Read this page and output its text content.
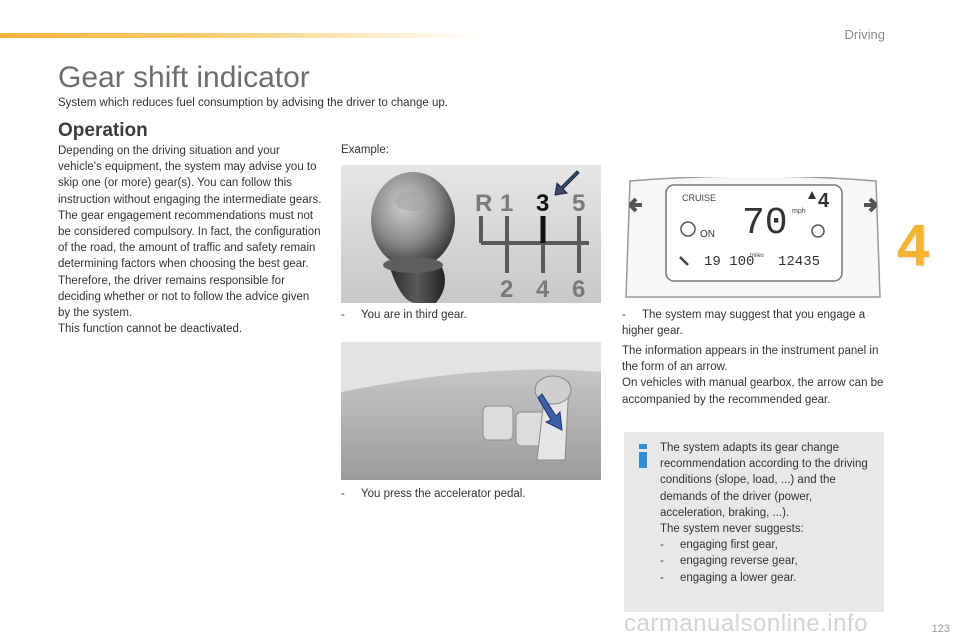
Driving
4
Gear shift indicator
System which reduces fuel consumption by advising the driver to change up.
Operation

Depending on the driving situation and your vehicle's equipment, the system may advise you to skip one (or more) gear(s). You can follow this instruction without engaging the intermediate gears.

The gear engagement recommendations must not be considered compulsory. In fact, the configuration of the road, the amount of traffic and safety remain determining factors when choosing the best gear. Therefore, the driver remains responsible for deciding whether or not to follow the advice given by the system.

This function cannot be deactivated.

Example:
R 1 3 5
2 4 6
- You are in third gear.
- You press the accelerator pedal.
CRUISE
70 mph 4
ON
19 100
miles 12435
- The system may suggest that you engage a higher gear.

The information appears in the instrument panel in the form of an arrow.

On vehicles with manual gearbox, the arrow can be accompanied by the recommended gear.

The system adapts its gear change recommendation according to the driving conditions (slope, load, ...) and the demands of the driver (power, acceleration, braking, ...).

The system never suggests:

- engaging first gear,
- engaging reverse gear,
- engaging a lower gear.
carmanualsonline.info	123
